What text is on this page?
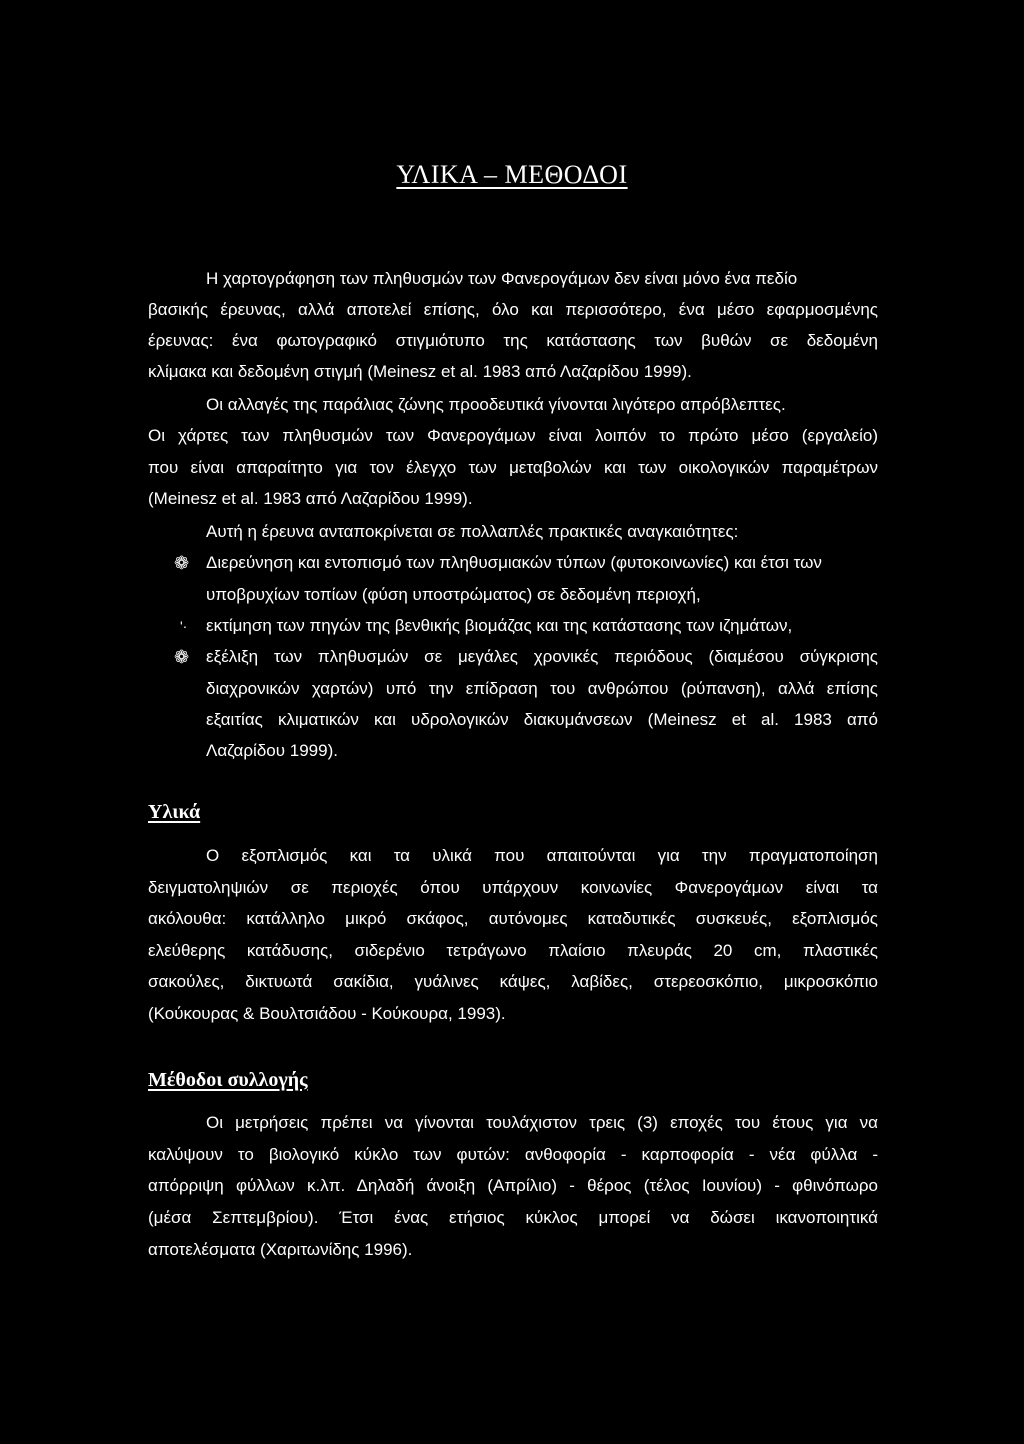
ΥΛΙΚΑ – ΜΕΘΟΔΟΙ
Η χαρτογράφηση των πληθυσμών των Φανερογάμων δεν είναι μόνο ένα πεδίο
βασικής έρευνας, αλλά αποτελεί επίσης, όλο και περισσότερο, ένα μέσο εφαρμοσμένης
έρευνας: ένα φωτογραφικό στιγμιότυπο της κατάστασης των βυθών σε δεδομένη
κλίμακα και δεδομένη στιγμή (Meinesz et al. 1983 από Λαζαρίδου 1999).
Οι αλλαγές της παράλιας ζώνης προοδευτικά γίνονται λιγότερο απρόβλεπτες.
Οι χάρτες των πληθυσμών των Φανερογάμων είναι λοιπόν το πρώτο μέσο (εργαλείο)
που είναι απαραίτητο για τον έλεγχο των μεταβολών και των οικολογικών παραμέτρων
(Meinesz et al. 1983 από Λαζαρίδου 1999).
Αυτή η έρευνα ανταποκρίνεται σε πολλαπλές πρακτικές αναγκαιότητες:
❁ Διερεύνηση και εντοπισμό των πληθυσμιακών τύπων (φυτοκοινωνίες) και έτσι των
υποβρυχίων τοπίων (φύση υποστρώματος) σε δεδομένη περιοχή,
'· εκτίμηση των πηγών της βενθικής βιομάζας και της κατάστασης των ιζημάτων,
❁ εξέλιξη των πληθυσμών σε μεγάλες χρονικές περιόδους (διαμέσου σύγκρισης
διαχρονικών χαρτών) υπό την επίδραση του ανθρώπου (ρύπανση), αλλά επίσης
εξαιτίας κλιματικών και υδρολογικών διακυμάνσεων (Meinesz et al. 1983 από
Λαζαρίδου 1999).
Υλικά
Ο εξοπλισμός και τα υλικά που απαιτούνται για την πραγματοποίηση
δειγματοληψιών σε περιοχές όπου υπάρχουν κοινωνίες Φανερογάμων είναι τα
ακόλουθα: κατάλληλο μικρό σκάφος, αυτόνομες καταδυτικές συσκευές, εξοπλισμός
ελεύθερης κατάδυσης, σιδερένιο τετράγωνο πλαίσιο πλευράς 20 cm, πλαστικές
σακούλες, δικτυωτά σακίδια, γυάλινες κάψες, λαβίδες, στερεοσκόπιο, μικροσκόπιο
(Κούκουρας & Βουλτσιάδου - Κούκουρα, 1993).
Μέθοδοι συλλογής
Οι μετρήσεις πρέπει να γίνονται τουλάχιστον τρεις (3) εποχές του έτους για να
καλύψουν το βιολογικό κύκλο των φυτών: ανθοφορία - καρποφορία - νέα φύλλα -
απόρριψη φύλλων κ.λπ. Δηλαδή άνοιξη (Απρίλιο) - θέρος (τέλος Ιουνίου) - φθινόπωρο
(μέσα Σεπτεμβρίου). Έτσι ένας ετήσιος κύκλος μπορεί να δώσει ικανοποιητικά
αποτελέσματα (Χαριτωνίδης 1996).
